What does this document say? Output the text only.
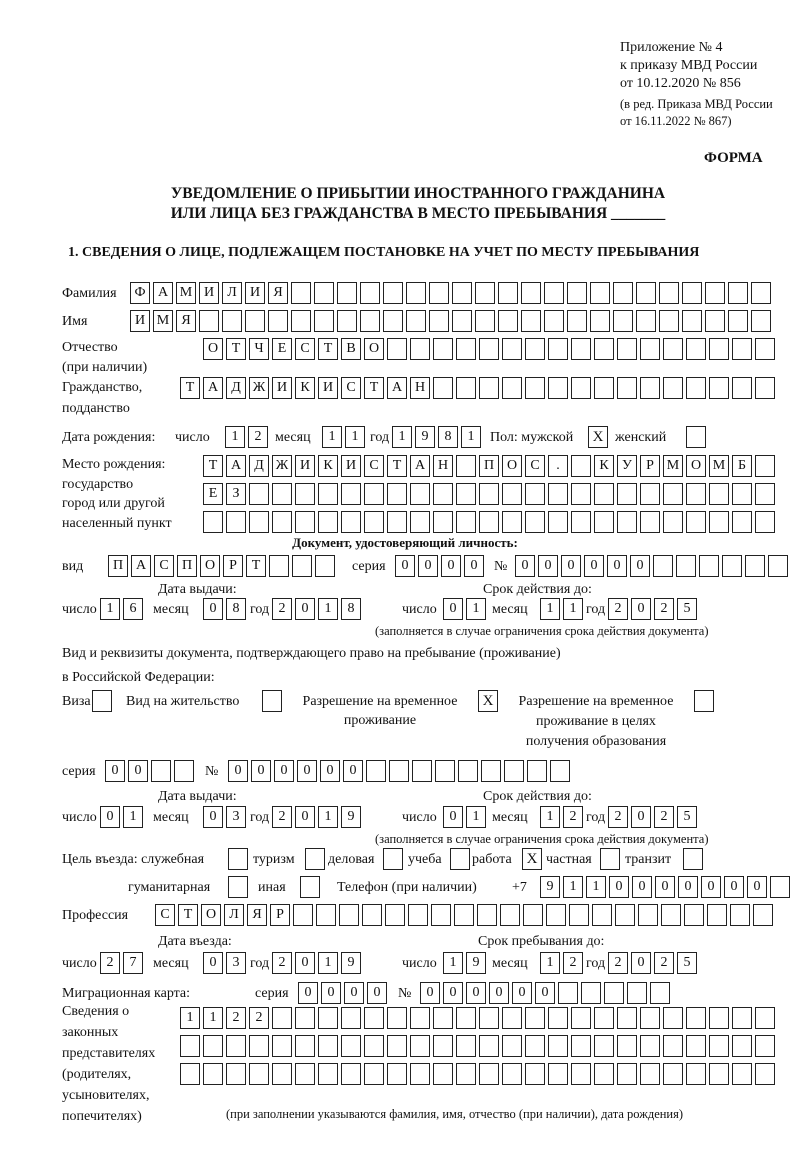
Приложение № 4
к приказу МВД России
от 10.12.2020 № 856
(в ред. Приказа МВД России
от 16.11.2022 № 867)
ФОРМА
УВЕДОМЛЕНИЕ О ПРИБЫТИИ ИНОСТРАННОГО ГРАЖДАНИНА
ИЛИ ЛИЦА БЕЗ ГРАЖДАНСТВА В МЕСТО ПРЕБЫВАНИЯ _______
1. СВЕДЕНИЯ О ЛИЦЕ, ПОДЛЕЖАЩЕМ ПОСТАНОВКЕ НА УЧЕТ ПО МЕСТУ ПРЕБЫВАНИЯ
Фамилия	Ф А М И Л И Я
Имя	И М Я
Отчество
(при наличии)
О Т	Ч	Е	С	Т	В О
Гражданство,
подданство
Т А Д Ж И К И С	Т А Н
Дата рождения: число	1	2 месяц	1	1 год 1	9	8	1	Пол: мужской	X женский
Место рождения:
государство
город или другой
населенный пункт
Т А Д Ж И К И С	Т А Н	П О С	.	К У	Р М О М Б
Е	З
Документ, удостоверяющий личность:
вид	П А С П О	Р	Т	серия	0	0	0	0	№	0	0	0	0	0	0
Дата выдачи:	Срок действия до:
число 1	6	месяц	0	8 год 2	0	1	8	число 0	1 месяц	1	1 год 2	0	2	5
(заполняется в случае ограничения срока действия документа)
Вид и реквизиты документа, подтверждающего право на пребывание (проживание)
в Российской Федерации:
Виза	Вид на жительство	Разрешение на временное
проживание
X	Разрешение на временное
проживание в целях
получения образования
серия	0	0	№	0	0	0	0	0	0
Дата выдачи:	Срок действия до:
число 0	1	месяц	0	3 год 2	0	1	9	число 0	1 месяц	1	2 год 2	0	2	5
(заполняется в случае ограничения срока действия документа)
Цель въезда: служебная	туризм деловая учеба работа X частная транзит
гуманитарная	иная	Телефон (при наличии)	+7	9	1	1	0	0	0	0	0	0	0
Профессия	С	Т О Л Я	Р
Дата въезда:	Срок пребывания до:
число 2	7	месяц	0	3 год 2	0	1	9	число 1	9 месяц	1	2 год 2	0	2	5
Миграционная карта:	серия	0	0	0	0	№	0	0	0	0	0	0
Сведения о
законных
представителях
(родителях,
усыновителях,
попечителях)
1	1	2	2
(при заполнении указываются фамилия, имя, отчество (при наличии), дата рождения)
